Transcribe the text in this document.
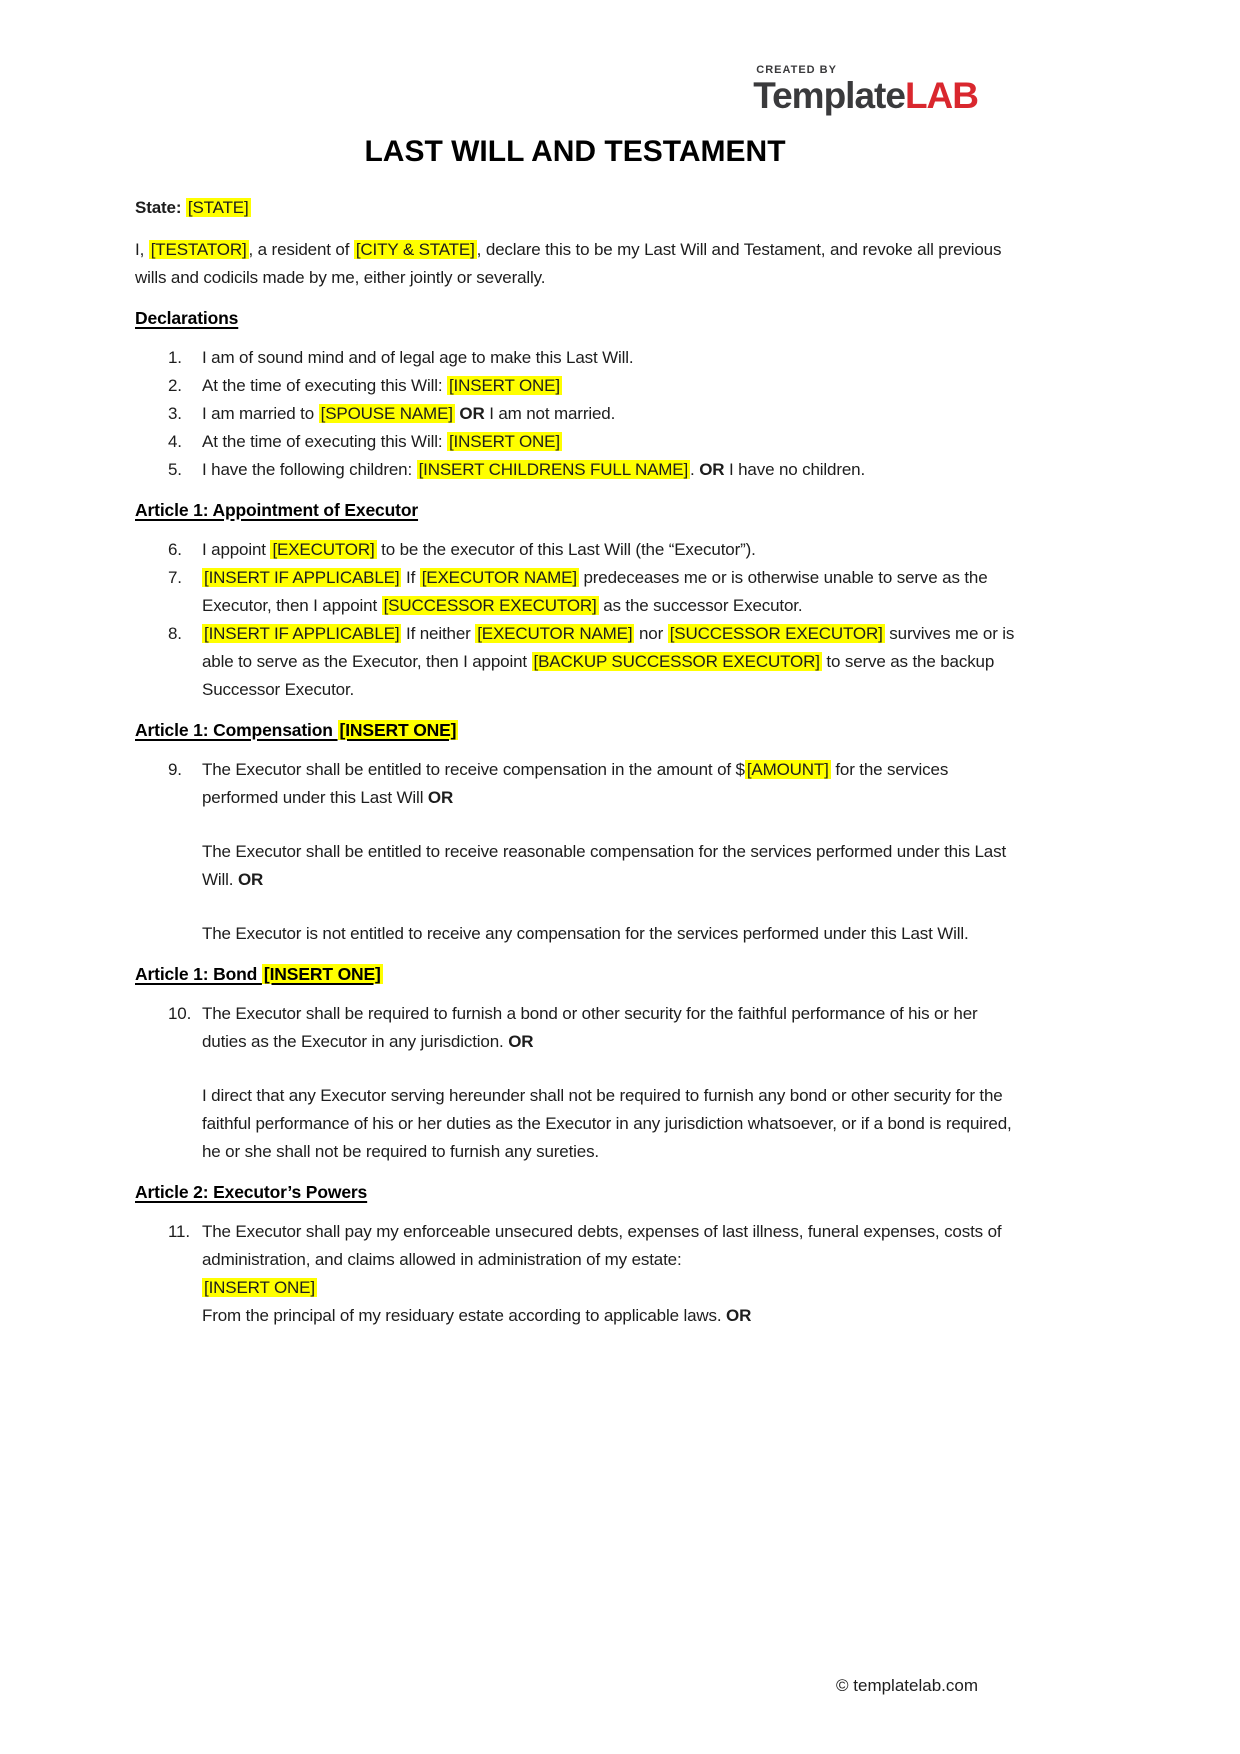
CREATED BY
TemplateLAB
LAST WILL AND TESTAMENT
State: [STATE]

I, [TESTATOR] , a resident of [CITY & STATE] , declare this to be my Last Will and Testament, and revoke all previous wills and codicils made by me, either jointly or severally.

Declarations
1.	I am of sound mind and of legal age to make this Last Will.
2.	At the time of executing this Will: [INSERT ONE]
3.	I am married to [SPOUSE NAME] OR I am not married.
4.	At the time of executing this Will: [INSERT ONE]
5.	I have the following children: [INSERT CHILDRENS FULL NAME] . OR I have no children.
Article 1: Appointment of Executor
6.	I appoint [EXECUTOR] to be the executor of this Last Will (the “Executor”).
7.	[INSERT IF APPLICABLE] If [EXECUTOR NAME] predeceases me or is otherwise unable to serve as the Executor, then I appoint [SUCCESSOR EXECUTOR] as the successor Executor.
8.	[INSERT IF APPLICABLE] If neither [EXECUTOR NAME] nor [SUCCESSOR EXECUTOR] survives me or is able to serve as the Executor, then I appoint [BACKUP SUCCESSOR EXECUTOR] to serve as the backup Successor Executor.
Article 1: Compensation [INSERT ONE]
9.	The Executor shall be entitled to receive compensation in the amount of $ [AMOUNT] for the services performed under this Last Will OR

The Executor shall be entitled to receive reasonable compensation for the services performed under this Last Will. OR

The Executor is not entitled to receive any compensation for the services performed under this Last Will.

Article 1: Bond [INSERT ONE]
10. The Executor shall be required to furnish a bond or other security for the faithful performance of his or her duties as the Executor in any jurisdiction. OR

I direct that any Executor serving hereunder shall not be required to furnish any bond or other security for the faithful performance of his or her duties as the Executor in any jurisdiction whatsoever, or if a bond is required, he or she shall not be required to furnish any sureties.

Article 2: Executor’s Powers
11. The Executor shall pay my enforceable unsecured debts, expenses of last illness, funeral expenses, costs of administration, and claims allowed in administration of my estate:
[INSERT ONE]
From the principal of my residuary estate according to applicable laws. OR
© templatelab.com
